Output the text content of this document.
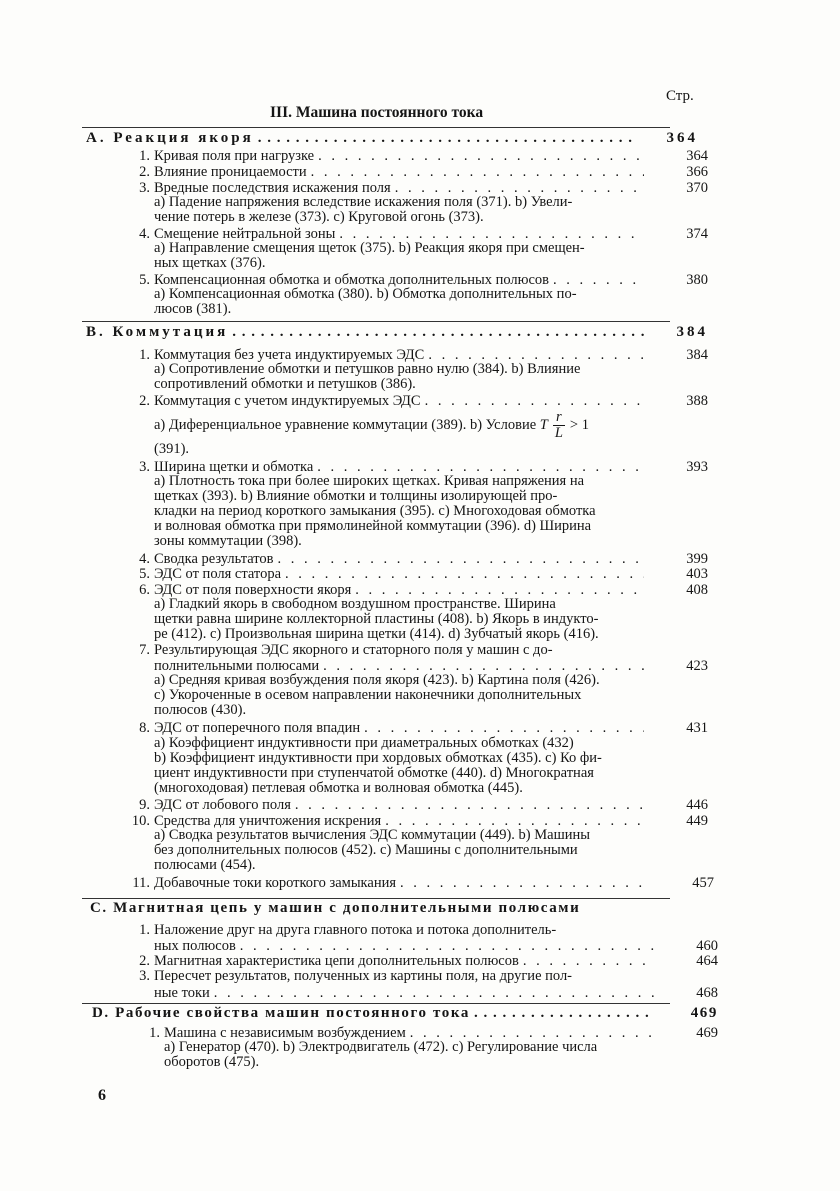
Стр.
III. Машина постоянного тока
A. Реакция якоря . . .	364
1. Кривая поля при нагрузке . . .	364
2. Влияние проницаемости . . .	366
3. Вредные последствия искажения поля . . .	370
а) Падение напряжения вследствие искажения поля (371). b) Увели-
чение потерь в железе (373). с) Круговой огонь (373).
4. Смещение нейтральной зоны . . .	374
а) Направление смещения щеток (375). b) Реакция якоря при смещен-
ных щетках (376).
5. Компенсационная обмотка и обмотка дополнительных полюсов . . .	380
а) Компенсационная обмотка (380). b) Обмотка дополнительных по-
люсов (381).
B. Коммутация . . .	384
1. Коммутация без учета индуктируемых ЭДС . . .	384
а) Сопротивление обмотки и петушков равно нулю (384). b) Влияние
сопротивлений обмотки и петушков (386).
2. Коммутация с учетом индуктируемых ЭДС . . .	388
а) Диференциальное уравнение коммутации (389). b) Условие T $\frac{r}{L} > 1$
(391).
3. Ширина щетки и обмотка . . .	393
а) Плотность тока при более широких щетках. Кривая напряжения на
щетках (393). b) Влияние обмотки и толщины изолирующей про-
кладки на период короткого замыкания (395). с) Многоходовая обмотка
и волновая обмотка при прямолинейной коммутации (396). d) Ширина
зоны коммутации (398).
4. Сводка результатов . . .	399
5. ЭДС от поля статора . . .	403
6. ЭДС от поля поверхности якоря . . .	408
а) Гладкий якорь в свободном воздушном пространстве. Ширина
щетки равна ширине коллекторной пластины (408). b) Якорь в индукто-
ре (412). с) Произвольная ширина щетки (414). d) Зубчатый якорь (416).
7. Результирующая ЭДС якорного и статорного поля у машин с до-
полнительными полюсами . . .	423
а) Средняя кривая возбуждения поля якоря (423). b) Картина поля (426).
с) Укороченные в осевом направлении наконечники дополнительных
полюсов (430).
8. ЭДС от поперечного поля впадин . . .	431
а) Коэффициент индуктивности при диаметральных обмотках (432)
b) Коэффициент индуктивности при хордовых обмотках (435). с) Ко фи-
циент индуктивности при ступенчатой обмотке (440). d) Многократная
(многоходовая) петлевая обмотка и волновая обмотка (445).
9. ЭДС от лобового поля . . .	446
10. Средства для уничтожения искрения . . .	449
а) Сводка результатов вычисления ЭДС коммутации (449). b) Машины
без дополнительных полюсов (452). с) Машины с дополнительными
полюсами (454).
11. Добавочные токи короткого замыкания . . .	457
C. Магнитная цепь у машин с дополнительными полюсами
1. Наложение друг на друга главного потока и потока дополнитель-
ных полюсов . . .	460
2. Магнитная характеристика цепи дополнительных полюсов . . .	464
3. Пересчет результатов, полученных из картины поля, на другие пол-
ные токи . . .	468
D. Рабочие свойства машин постоянного тока . . .	469
1. Машина с независимым возбуждением . . .	469
а) Генератор (470). b) Электродвигатель (472). с) Регулирование числа
оборотов (475).
6
